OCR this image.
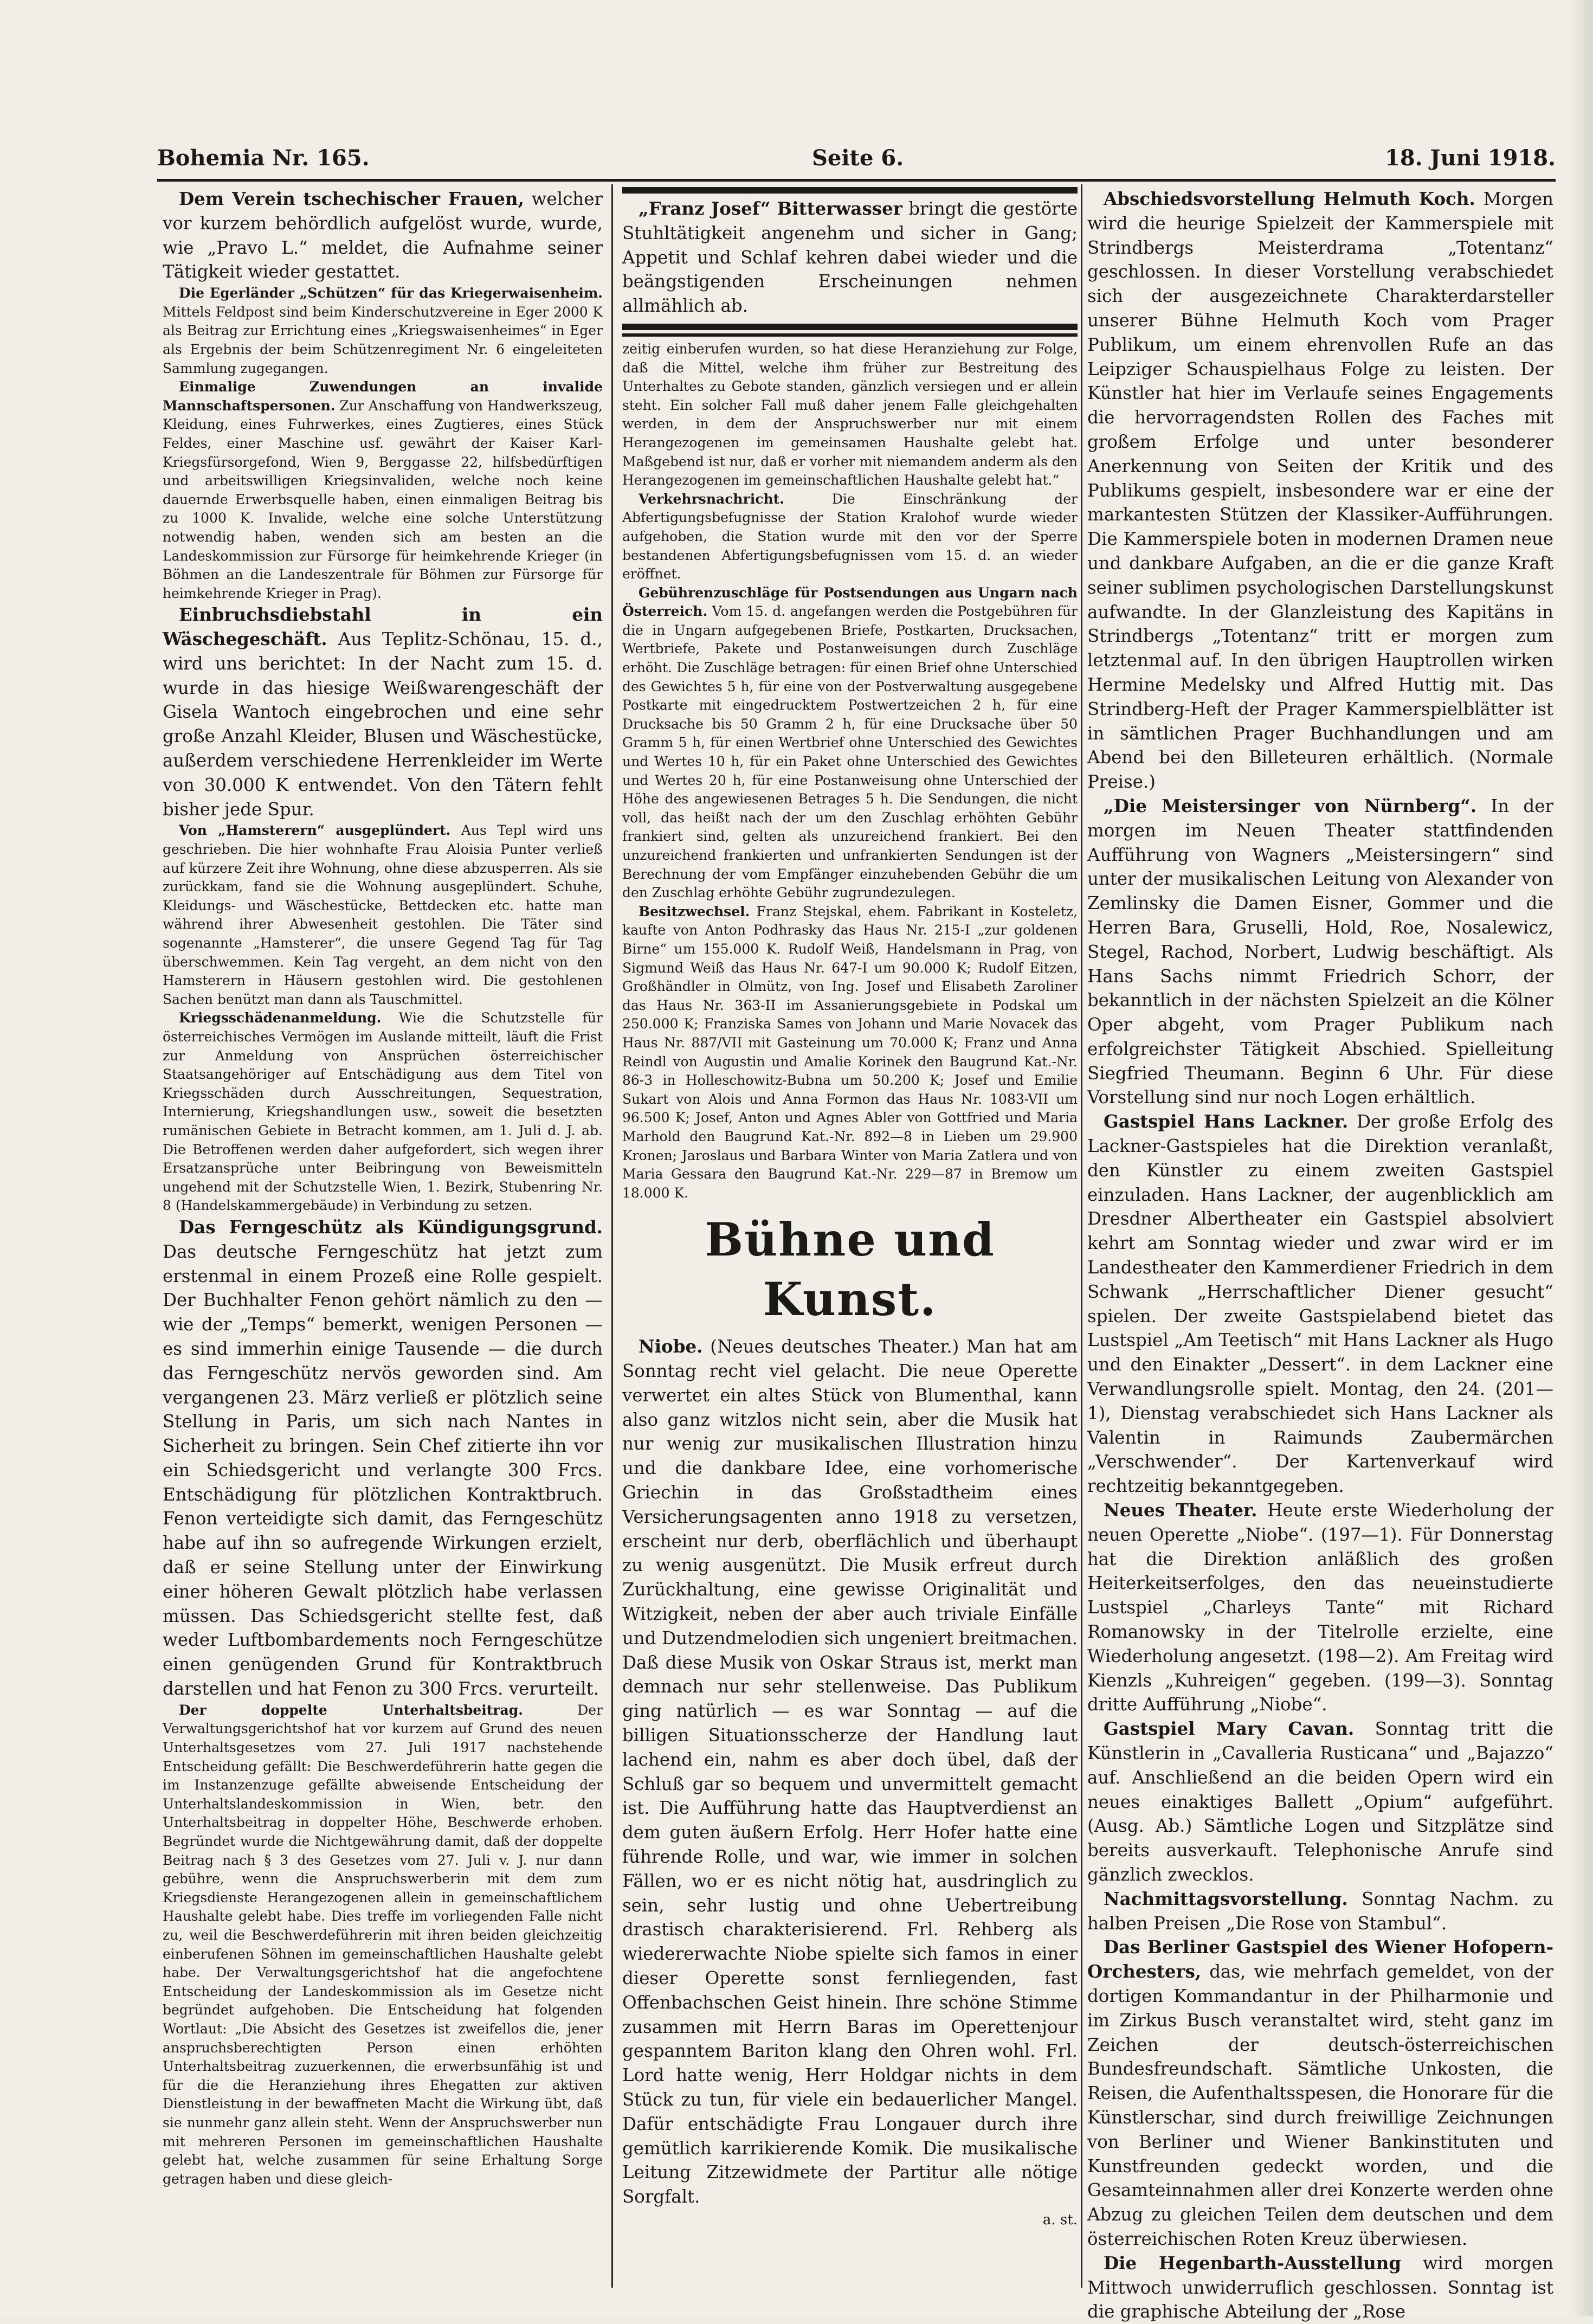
Bohemia Nr. 165.	Seite 6.	18. Juni 1918.

Dem Verein tschechischer Frauen, welcher vor kurzem behördlich aufgelöst wurde, wurde, wie „Pravo L.“ meldet, die Aufnahme seiner Tätigkeit wieder gestattet.

Die Egerländer „Schützen“ für das Kriegerwaisenheim. Mittels Feldpost sind beim Kinderschutzvereine in Eger 2000 K als Beitrag zur Errichtung eines „Kriegswaisenheimes“ in Eger als Ergebnis der beim Schützenregiment Nr. 6 eingeleiteten Sammlung zugegangen.

Einmalige Zuwendungen an invalide Mannschaftspersonen. Zur Anschaffung von Handwerkszeug, Kleidung, eines Fuhrwerkes, eines Zugtieres, eines Stück Feldes, einer Maschine usf. gewährt der Kaiser Karl-Kriegsfürsorgefond, Wien 9, Berggasse 22, hilfsbedürftigen und arbeitswilligen Kriegsinvaliden, welche noch keine dauernde Erwerbsquelle haben, einen einmaligen Beitrag bis zu 1000 K. Invalide, welche eine solche Unterstützung notwendig haben, wenden sich am besten an die Landeskommission zur Fürsorge für heimkehrende Krieger (in Böhmen an die Landeszentrale für Böhmen zur Fürsorge für heimkehrende Krieger in Prag).

Einbruchsdiebstahl in ein Wäschegeschäft. Aus Teplitz-Schönau, 15. d., wird uns berichtet: In der Nacht zum 15. d. wurde in das hiesige Weißwarengeschäft der Gisela Wantoch eingebrochen und eine sehr große Anzahl Kleider, Blusen und Wäschestücke, außerdem verschiedene Herrenkleider im Werte von 30.000 K entwendet. Von den Tätern fehlt bisher jede Spur.

Von „Hamsterern“ ausgeplündert. Aus Tepl wird uns geschrieben. Die hier wohnhafte Frau Aloisia Punter verließ auf kürzere Zeit ihre Wohnung, ohne diese abzusperren. Als sie zurückkam, fand sie die Wohnung ausgeplündert. Schuhe, Kleidungs- und Wäschestücke, Bettdecken etc. hatte man während ihrer Abwesenheit gestohlen. Die Täter sind sogenannte „Hamsterer“, die unsere Gegend Tag für Tag überschwemmen. Kein Tag vergeht, an dem nicht von den Hamsterern in Häusern gestohlen wird. Die gestohlenen Sachen benützt man dann als Tauschmittel.

Kriegsschädenanmeldung. Wie die Schutzstelle für österreichisches Vermögen im Auslande mitteilt, läuft die Frist zur Anmeldung von Ansprüchen österreichischer Staatsangehöriger auf Entschädigung aus dem Titel von Kriegsschäden durch Ausschreitungen, Sequestration, Internierung, Kriegshandlungen usw., soweit die besetzten rumänischen Gebiete in Betracht kommen, am 1. Juli d. J. ab. Die Betroffenen werden daher aufgefordert, sich wegen ihrer Ersatzansprüche unter Beibringung von Beweismitteln ungehend mit der Schutzstelle Wien, 1. Bezirk, Stubenring Nr. 8 (Handelskammergebäude) in Verbindung zu setzen.

Das Ferngeschütz als Kündigungsgrund. Das deutsche Ferngeschütz hat jetzt zum erstenmal in einem Prozeß eine Rolle gespielt. Der Buchhalter Fenon gehört nämlich zu den — wie der „Temps“ bemerkt, wenigen Personen — es sind immerhin einige Tausende — die durch das Ferngeschütz nervös geworden sind. Am vergangenen 23. März verließ er plötzlich seine Stellung in Paris, um sich nach Nantes in Sicherheit zu bringen. Sein Chef zitierte ihn vor ein Schiedsgericht und verlangte 300 Frcs. Entschädigung für plötzlichen Kontraktbruch. Fenon verteidigte sich damit, das Ferngeschütz habe auf ihn so aufregende Wirkungen erzielt, daß er seine Stellung unter der Einwirkung einer höheren Gewalt plötzlich habe verlassen müssen. Das Schiedsgericht stellte fest, daß weder Luftbombardements noch Ferngeschütze einen genügenden Grund für Kontraktbruch darstellen und hat Fenon zu 300 Frcs. verurteilt.

Der doppelte Unterhaltsbeitrag. Der Verwaltungsgerichtshof hat vor kurzem auf Grund des neuen Unterhaltsgesetzes vom 27. Juli 1917 nachstehende Entscheidung gefällt: Die Beschwerdeführerin hatte gegen die im Instanzenzuge gefällte abweisende Entscheidung der Unterhaltslandeskommission in Wien, betr. den Unterhaltsbeitrag in doppelter Höhe, Beschwerde erhoben. Begründet wurde die Nichtgewährung damit, daß der doppelte Beitrag nach § 3 des Gesetzes vom 27. Juli v. J. nur dann gebühre, wenn die Anspruchswerberin mit dem zum Kriegsdienste Herangezogenen allein in gemeinschaftlichem Haushalte gelebt habe. Dies treffe im vorliegenden Falle nicht zu, weil die Beschwerdeführerin mit ihren beiden gleichzeitig einberufenen Söhnen im gemeinschaftlichen Haushalte gelebt habe. Der Verwaltungsgerichtshof hat die angefochtene Entscheidung der Landeskommission als im Gesetze nicht begründet aufgehoben. Die Entscheidung hat folgenden Wortlaut: „Die Absicht des Gesetzes ist zweifellos die, jener anspruchsberechtigten Person einen erhöhten Unterhaltsbeitrag zuzuerkennen, die erwerbsunfähig ist und für die die Heranziehung ihres Ehegatten zur aktiven Dienstleistung in der bewaffneten Macht die Wirkung übt, daß sie nunmehr ganz allein steht. Wenn der Anspruchswerber nun mit mehreren Personen im gemeinschaftlichen Haushalte gelebt hat, welche zusammen für seine Erhaltung Sorge getragen haben und diese gleich-

„Franz Josef“ Bitterwasser bringt die gestörte Stuhltätigkeit angenehm und sicher in Gang; Appetit und Schlaf kehren dabei wieder und die beängstigenden Erscheinungen nehmen allmählich ab.

zeitig einberufen wurden, so hat diese Heranziehung zur Folge, daß die Mittel, welche ihm früher zur Bestreitung des Unterhaltes zu Gebote standen, gänzlich versiegen und er allein steht. Ein solcher Fall muß daher jenem Falle gleichgehalten werden, in dem der Anspruchswerber nur mit einem Herangezogenen im gemeinsamen Haushalte gelebt hat. Maßgebend ist nur, daß er vorher mit niemandem anderm als den Herangezogenen im gemeinschaftlichen Haushalte gelebt hat.“

Verkehrsnachricht. Die Einschränkung der Abfertigungsbefugnisse der Station Kralohof wurde wieder aufgehoben, die Station wurde mit den vor der Sperre bestandenen Abfertigungsbefugnissen vom 15. d. an wieder eröffnet.

Gebührenzuschläge für Postsendungen aus Ungarn nach Österreich. Vom 15. d. angefangen werden die Postgebühren für die in Ungarn aufgegebenen Briefe, Postkarten, Drucksachen, Wertbriefe, Pakete und Postanweisungen durch Zuschläge erhöht. Die Zuschläge betragen: für einen Brief ohne Unterschied des Gewichtes 5 h, für eine von der Postverwaltung ausgegebene Postkarte mit eingedrucktem Postwertzeichen 2 h, für eine Drucksache bis 50 Gramm 2 h, für eine Drucksache über 50 Gramm 5 h, für einen Wertbrief ohne Unterschied des Gewichtes und Wertes 10 h, für ein Paket ohne Unterschied des Gewichtes und Wertes 20 h, für eine Postanweisung ohne Unterschied der Höhe des angewiesenen Betrages 5 h. Die Sendungen, die nicht voll, das heißt nach der um den Zuschlag erhöhten Gebühr frankiert sind, gelten als unzureichend frankiert. Bei den unzureichend frankierten und unfrankierten Sendungen ist der Berechnung der vom Empfänger einzuhebenden Gebühr die um den Zuschlag erhöhte Gebühr zugrundezulegen.

Besitzwechsel. Franz Stejskal, ehem. Fabrikant in Kosteletz, kaufte von Anton Podhrasky das Haus Nr. 215-I „zur goldenen Birne“ um 155.000 K. Rudolf Weiß, Handelsmann in Prag, von Sigmund Weiß das Haus Nr. 647-I um 90.000 K; Rudolf Eitzen, Großhändler in Olmütz, von Ing. Josef und Elisabeth Zaroliner das Haus Nr. 363-II im Assanierungsgebiete in Podskal um 250.000 K; Franziska Sames von Johann und Marie Novacek das Haus Nr. 887/VII mit Gasteinung um 70.000 K; Franz und Anna Reindl von Augustin und Amalie Korinek den Baugrund Kat.-Nr. 86-3 in Holleschowitz-Bubna um 50.200 K; Josef und Emilie Sukart von Alois und Anna Formon das Haus Nr. 1083-VII um 96.500 K; Josef, Anton und Agnes Abler von Gottfried und Maria Marhold den Baugrund Kat.-Nr. 892—8 in Lieben um 29.900 Kronen; Jaroslaus und Barbara Winter von Maria Zatlera und von Maria Gessara den Baugrund Kat.-Nr. 229—87 in Bremow um 18.000 K.

Bühne und Kunst.

Niobe. (Neues deutsches Theater.) Man hat am Sonntag recht viel gelacht. Die neue Operette verwertet ein altes Stück von Blumenthal, kann also ganz witzlos nicht sein, aber die Musik hat nur wenig zur musikalischen Illustration hinzu und die dankbare Idee, eine vorhomerische Griechin in das Großstadtheim eines Versicherungsagenten anno 1918 zu versetzen, erscheint nur derb, oberflächlich und überhaupt zu wenig ausgenützt. Die Musik erfreut durch Zurückhaltung, eine gewisse Originalität und Witzigkeit, neben der aber auch triviale Einfälle und Dutzendmelodien sich ungeniert breitmachen. Daß diese Musik von Oskar Straus ist, merkt man demnach nur sehr stellenweise. Das Publikum ging natürlich — es war Sonntag — auf die billigen Situationsscherze der Handlung laut lachend ein, nahm es aber doch übel, daß der Schluß gar so bequem und unvermittelt gemacht ist. Die Aufführung hatte das Hauptverdienst an dem guten äußern Erfolg. Herr Hofer hatte eine führende Rolle, und war, wie immer in solchen Fällen, wo er es nicht nötig hat, ausdringlich zu sein, sehr lustig und ohne Uebertreibung drastisch charakterisierend. Frl. Rehberg als wiedererwachte Niobe spielte sich famos in einer dieser Operette sonst fernliegenden, fast Offenbachschen Geist hinein. Ihre schöne Stimme zusammen mit Herrn Baras im Operettenjour gespanntem Bariton klang den Ohren wohl. Frl. Lord hatte wenig, Herr Holdgar nichts in dem Stück zu tun, für viele ein bedauerlicher Mangel. Dafür entschädigte Frau Longauer durch ihre gemütlich karrikierende Komik. Die musikalische Leitung Zitzewidmete der Partitur alle nötige Sorgfalt.

a. st.

Abschiedsvorstellung Helmuth Koch. Morgen wird die heurige Spielzeit der Kammerspiele mit Strindbergs Meisterdrama „Totentanz“ geschlossen. In dieser Vorstellung verabschiedet sich der ausgezeichnete Charakterdarsteller unserer Bühne Helmuth Koch vom Prager Publikum, um einem ehrenvollen Rufe an das Leipziger Schauspielhaus Folge zu leisten. Der Künstler hat hier im Verlaufe seines Engagements die hervorragendsten Rollen des Faches mit großem Erfolge und unter besonderer Anerkennung von Seiten der Kritik und des Publikums gespielt, insbesondere war er eine der markantesten Stützen der Klassiker-Aufführungen. Die Kammerspiele boten in modernen Dramen neue und dankbare Aufgaben, an die er die ganze Kraft seiner sublimen psychologischen Darstellungskunst aufwandte. In der Glanzleistung des Kapitäns in Strindbergs „Totentanz“ tritt er morgen zum letztenmal auf. In den übrigen Hauptrollen wirken Hermine Medelsky und Alfred Huttig mit. Das Strindberg-Heft der Prager Kammerspielblätter ist in sämtlichen Prager Buchhandlungen und am Abend bei den Billeteuren erhältlich. (Normale Preise.)

„Die Meistersinger von Nürnberg“. In der morgen im Neuen Theater stattfindenden Aufführung von Wagners „Meistersingern“ sind unter der musikalischen Leitung von Alexander von Zemlinsky die Damen Eisner, Gommer und die Herren Bara, Gruselli, Hold, Roe, Nosalewicz, Stegel, Rachod, Norbert, Ludwig beschäftigt. Als Hans Sachs nimmt Friedrich Schorr, der bekanntlich in der nächsten Spielzeit an die Kölner Oper abgeht, vom Prager Publikum nach erfolgreichster Tätigkeit Abschied. Spielleitung Siegfried Theumann. Beginn 6 Uhr. Für diese Vorstellung sind nur noch Logen erhältlich.

Gastspiel Hans Lackner. Der große Erfolg des Lackner-Gastspieles hat die Direktion veranlaßt, den Künstler zu einem zweiten Gastspiel einzuladen. Hans Lackner, der augenblicklich am Dresdner Albertheater ein Gastspiel absolviert kehrt am Sonntag wieder und zwar wird er im Landestheater den Kammerdiener Friedrich in dem Schwank „Herrschaftlicher Diener gesucht“ spielen. Der zweite Gastspielabend bietet das Lustspiel „Am Teetisch“ mit Hans Lackner als Hugo und den Einakter „Dessert“. in dem Lackner eine Verwandlungsrolle spielt. Montag, den 24. (201—1), Dienstag verabschiedet sich Hans Lackner als Valentin in Raimunds Zaubermärchen „Verschwender“. Der Kartenverkauf wird rechtzeitig bekanntgegeben.

Neues Theater. Heute erste Wiederholung der neuen Operette „Niobe“. (197—1). Für Donnerstag hat die Direktion anläßlich des großen Heiterkeitserfolges, den das neueinstudierte Lustspiel „Charleys Tante“ mit Richard Romanowsky in der Titelrolle erzielte, eine Wiederholung angesetzt. (198—2). Am Freitag wird Kienzls „Kuhreigen“ gegeben. (199—3). Sonntag dritte Aufführung „Niobe“.

Gastspiel Mary Cavan. Sonntag tritt die Künstlerin in „Cavalleria Rusticana“ und „Bajazzo“ auf. Anschließend an die beiden Opern wird ein neues einaktiges Ballett „Opium“ aufgeführt. (Ausg. Ab.) Sämtliche Logen und Sitzplätze sind bereits ausverkauft. Telephonische Anrufe sind gänzlich zwecklos.

Nachmittagsvorstellung. Sonntag Nachm. zu halben Preisen „Die Rose von Stambul“.

Das Berliner Gastspiel des Wiener Hofopern-Orchesters, das, wie mehrfach gemeldet, von der dortigen Kommandantur in der Philharmonie und im Zirkus Busch veranstaltet wird, steht ganz im Zeichen der deutsch-österreichischen Bundesfreundschaft. Sämtliche Unkosten, die Reisen, die Aufenthaltsspesen, die Honorare für die Künstlerschar, sind durch freiwillige Zeichnungen von Berliner und Wiener Bankinstituten und Kunstfreunden gedeckt worden, und die Gesamteinnahmen aller drei Konzerte werden ohne Abzug zu gleichen Teilen dem deutschen und dem österreichischen Roten Kreuz überwiesen.

Die Hegenbarth-Ausstellung wird morgen Mittwoch unwiderruflich geschlossen. Sonntag ist die graphische Abteilung der „Rose
